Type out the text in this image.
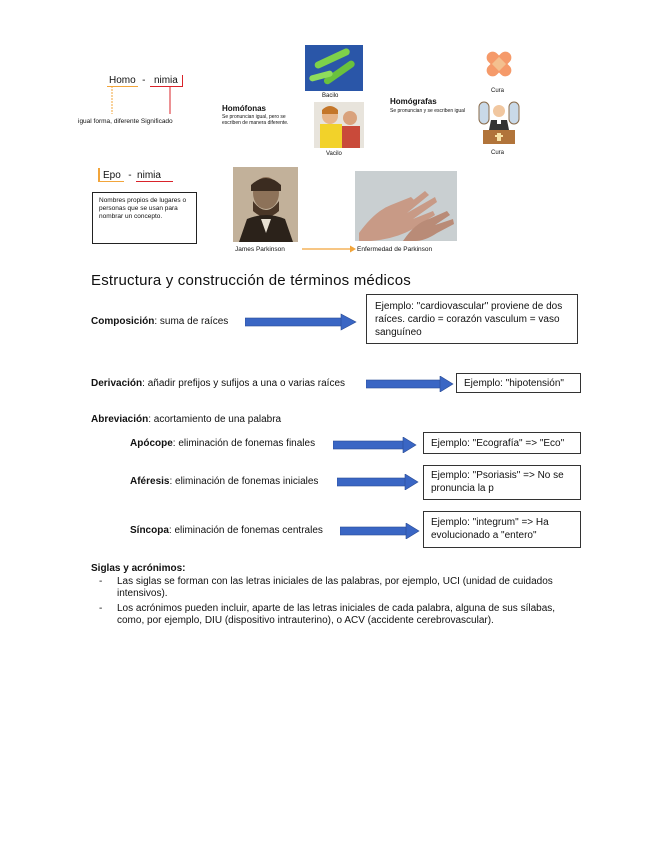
Homo - nimia
igual forma, diferente Significado
Bacilo
Homófonas
Se pronuncian igual, pero se escriben de manera diferente.
Vacilo
Homógrafas
Se pronuncian y se escriben igual
Cura
Cura
Epo - nimia
Nombres propios de lugares o personas que se usan para nombrar un concepto.
James Parkinson	Enfermedad de Parkinson
Estructura y construcción de términos médicos
Composición: suma de raíces
Ejemplo: "cardiovascular" proviene de dos raíces. cardio = corazón vasculum = vaso sanguíneo
Derivación: añadir prefijos y sufijos a una o varias raíces	Ejemplo: "hipotensión"
Abreviación: acortamiento de una palabra
Apócope: eliminación de fonemas finales	Ejemplo: "Ecografía" => "Eco"
Aféresis: eliminación de fonemas iniciales
Ejemplo: "Psoriasis" => No se pronuncia la p
Síncopa: eliminación de fonemas centrales
Ejemplo: "integrum" => Ha evolucionado a "entero"
Siglas y acrónimos:
- Las siglas se forman con las letras iniciales de las palabras, por ejemplo, UCI (unidad de cuidados intensivos).
- Los acrónimos pueden incluir, aparte de las letras iniciales de cada palabra, alguna de sus sílabas, como, por ejemplo, DIU (dispositivo intrauterino), o ACV (accidente cerebrovascular).
